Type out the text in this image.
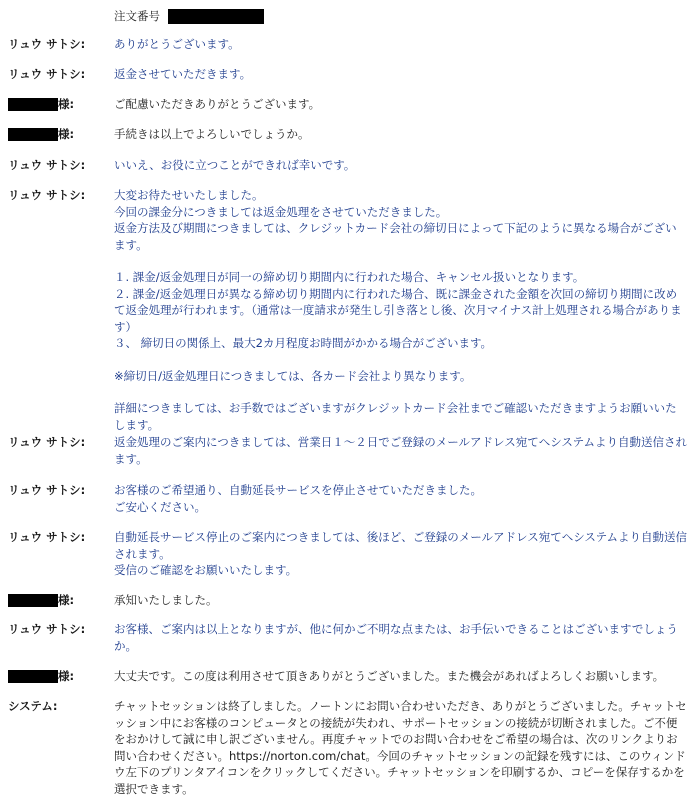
注文番号
リュウ サトシ:	ありがとうございます。
リュウ サトシ:	返金させていただきます。
様:	ご配慮いただきありがとうございます。
様:	手続きは以上でよろしいでしょうか。
リュウ サトシ:	いいえ、お役に立つことができれば幸いです。
リュウ サトシ:	大変お待たせいたしました。

今回の課金分につきましては返金処理をさせていただきました。

返金方法及び期間につきましては、クレジットカード会社の締切日によって下記のように異なる場合がございます。

１. 課金/返金処理日が同一の締め切り期間内に行われた場合、キャンセル扱いとなります。

２. 課金/返金処理日が異なる締め切り期間内に行われた場合、既に課金された金額を次回の締切り期間に改めて返金処理が行われます。（通常は一度請求が発生し引き落とし後、次月マイナス計上処理される場合があります）

３、 締切日の関係上、最大2カ月程度お時間がかかる場合がございます。

※締切日/返金処理日につきましては、各カード会社より異なります。

詳細につきましては、お手数ではございますがクレジットカード会社までご確認いただきますようお願いいたします。

リュウ サトシ:	返金処理のご案内につきましては、営業日１～２日でご登録のメールアドレス宛てへシステムより自動送信されます。
リュウ サトシ:	お客様のご希望通り、自動延長サービスを停止させていただきました。

ご安心ください。

リュウ サトシ:	自動延長サービス停止のご案内につきましては、後ほど、ご登録のメールアドレス宛てへシステムより自動送信されます。

受信のご確認をお願いいたします。

様:	承知いたしました。
リュウ サトシ:	お客様、ご案内は以上となりますが、他に何かご不明な点または、お手伝いできることはございますでしょうか。
様:	大丈夫です。この度は利用させて頂きありがとうございました。また機会があればよろしくお願いします。
システム:	チャットセッションは終了しました。ノートンにお問い合わせいただき、ありがとうございました。チャットセッション中にお客様のコンピュータとの接続が失われ、サポートセッションの接続が切断されました。ご不便をおかけして誠に申し訳ございません。再度チャットでのお問い合わせをご希望の場合は、次のリンクよりお問い合わせください。https://norton.com/chat。今回のチャットセッションの記録を残すには、このウィンドウ左下のプリンタアイコンをクリックしてください。チャットセッションを印刷するか、コピーを保存するかを選択できます。
